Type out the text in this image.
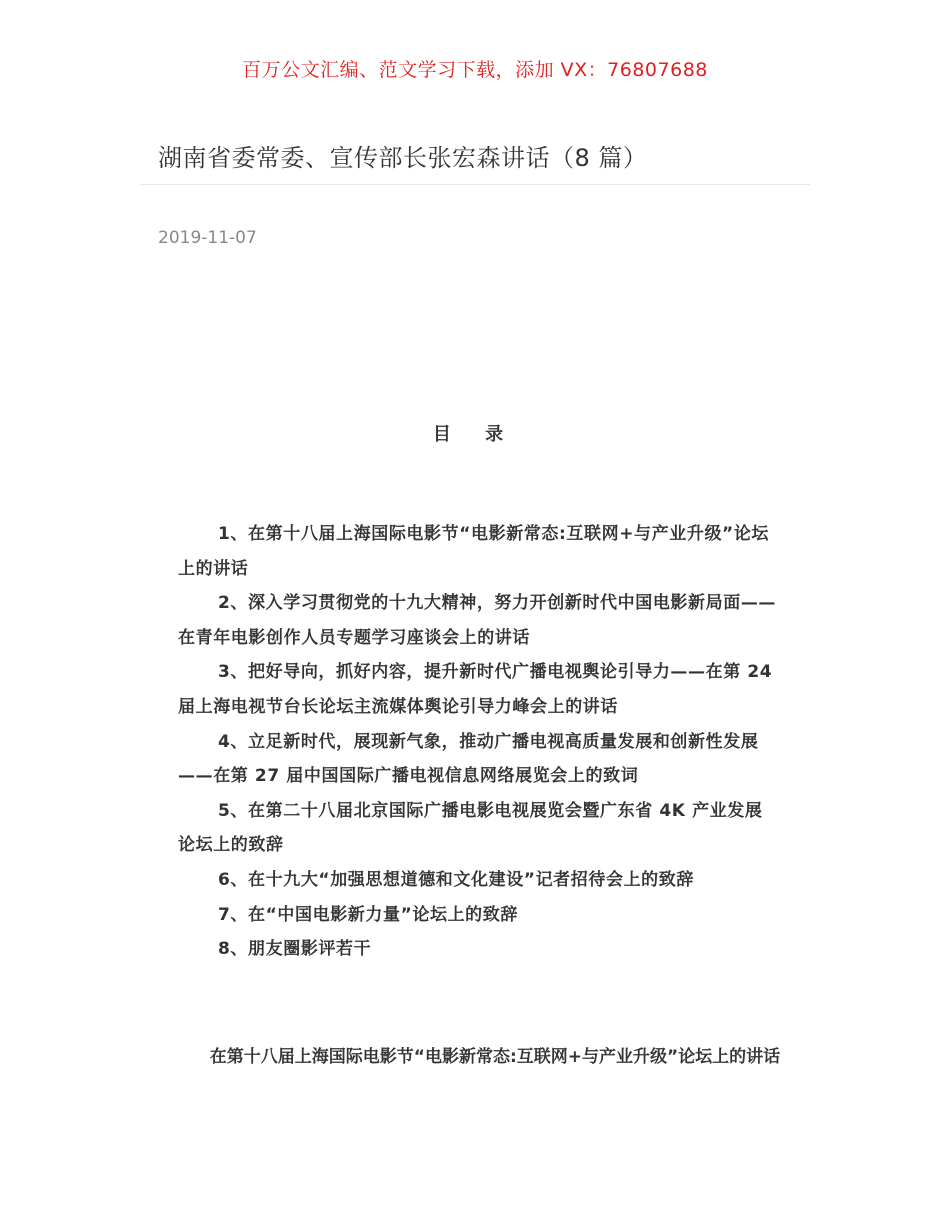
百万公文汇编、范文学习下载，添加 VX：76807688
湖南省委常委、宣传部长张宏森讲话（8 篇）
2019-11-07
目 录
1、在第十八届上海国际电影节“电影新常态:互联网+与产业升级”论坛上的讲话
2、深入学习贯彻党的十九大精神，努力开创新时代中国电影新局面——在青年电影创作人员专题学习座谈会上的讲话
3、把好导向，抓好内容，提升新时代广播电视舆论引导力——在第 24 届上海电视节台长论坛主流媒体舆论引导力峰会上的讲话
4、立足新时代，展现新气象，推动广播电视高质量发展和创新性发展——在第 27 届中国国际广播电视信息网络展览会上的致词
5、在第二十八届北京国际广播电影电视展览会暨广东省 4K 产业发展论坛上的致辞
6、在十九大“加强思想道德和文化建设”记者招待会上的致辞
7、在“中国电影新力量”论坛上的致辞
8、朋友圈影评若干
在第十八届上海国际电影节“电影新常态:互联网+与产业升级”论坛上的讲话
